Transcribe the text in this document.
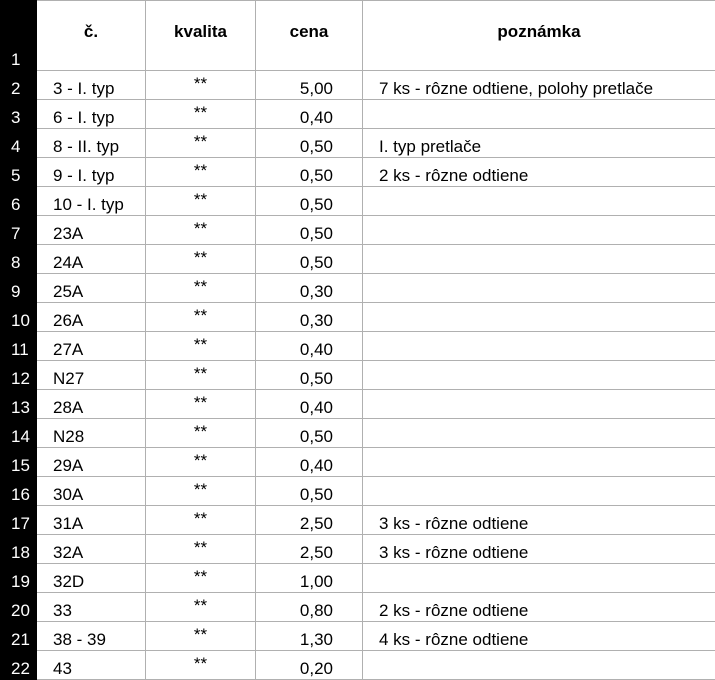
1	č.	kvalita	cena	poznámka
2	3 - I. typ	**	5,00	7 ks - rôzne odtiene, polohy pretlače
3	6 - I. typ	**	0,40	
4	8 - II. typ	**	0,50	I. typ pretlače
5	9 - I. typ	**	0,50	2 ks - rôzne odtiene
6	10 - I. typ	**	0,50	
7	23A	**	0,50	
8	24A	**	0,50	
9	25A	**	0,30	
10	26A	**	0,30	
11	27A	**	0,40	
12	N27	**	0,50	
13	28A	**	0,40	
14	N28	**	0,50	
15	29A	**	0,40	
16	30A	**	0,50	
17	31A	**	2,50	3 ks - rôzne odtiene
18	32A	**	2,50	3 ks - rôzne odtiene
19	32D	**	1,00	
20	33	**	0,80	2 ks - rôzne odtiene
21	38 - 39	**	1,30	4 ks - rôzne odtiene
22	43	**	0,20	
